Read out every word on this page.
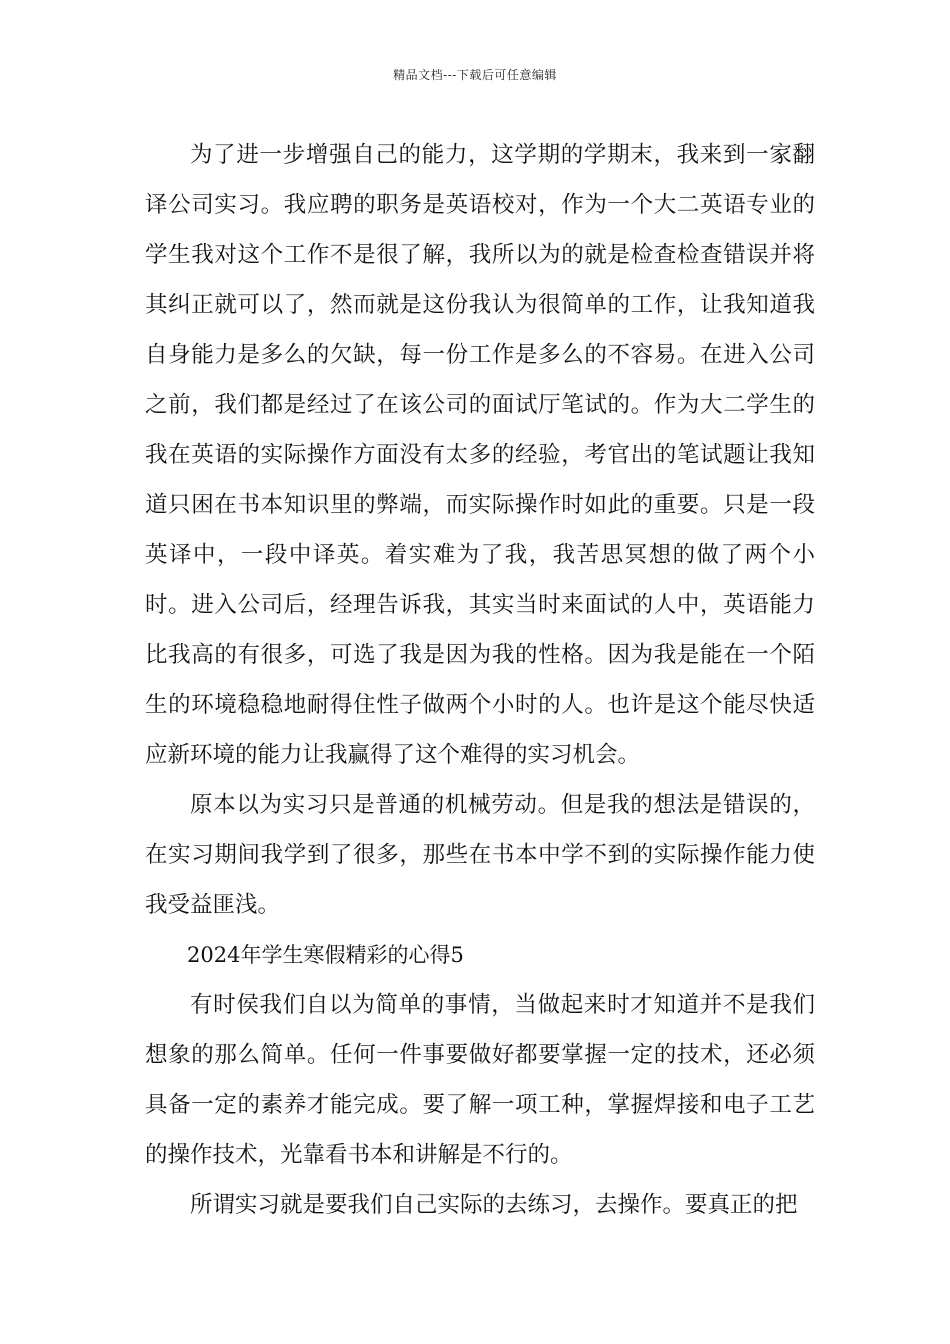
精品文档---下载后可任意编辑

为了进一步增强自己的能力，这学期的学期末，我来到一家翻译公司实习。我应聘的职务是英语校对，作为一个大二英语专业的学生我对这个工作不是很了解，我所以为的就是检查检查错误并将其纠正就可以了，然而就是这份我认为很简单的工作，让我知道我自身能力是多么的欠缺，每一份工作是多么的不容易。在进入公司之前，我们都是经过了在该公司的面试厅笔试的。作为大二学生的我在英语的实际操作方面没有太多的经验，考官出的笔试题让我知道只困在书本知识里的弊端，而实际操作时如此的重要。只是一段英译中，一段中译英。着实难为了我，我苦思冥想的做了两个小时。进入公司后，经理告诉我，其实当时来面试的人中，英语能力比我高的有很多，可选了我是因为我的性格。因为我是能在一个陌生的环境稳稳地耐得住性子做两个小时的人。也许是这个能尽快适应新环境的能力让我赢得了这个难得的实习机会。

原本以为实习只是普通的机械劳动。但是我的想法是错误的，在实习期间我学到了很多，那些在书本中学不到的实际操作能力使我受益匪浅。

2024年学生寒假精彩的心得5

有时侯我们自以为简单的事情，当做起来时才知道并不是我们想象的那么简单。任何一件事要做好都要掌握一定的技术，还必须具备一定的素养才能完成。要了解一项工种，掌握焊接和电子工艺的操作技术，光靠看书本和讲解是不行的。

所谓实习就是要我们自己实际的去练习，去操作。要真正的把
